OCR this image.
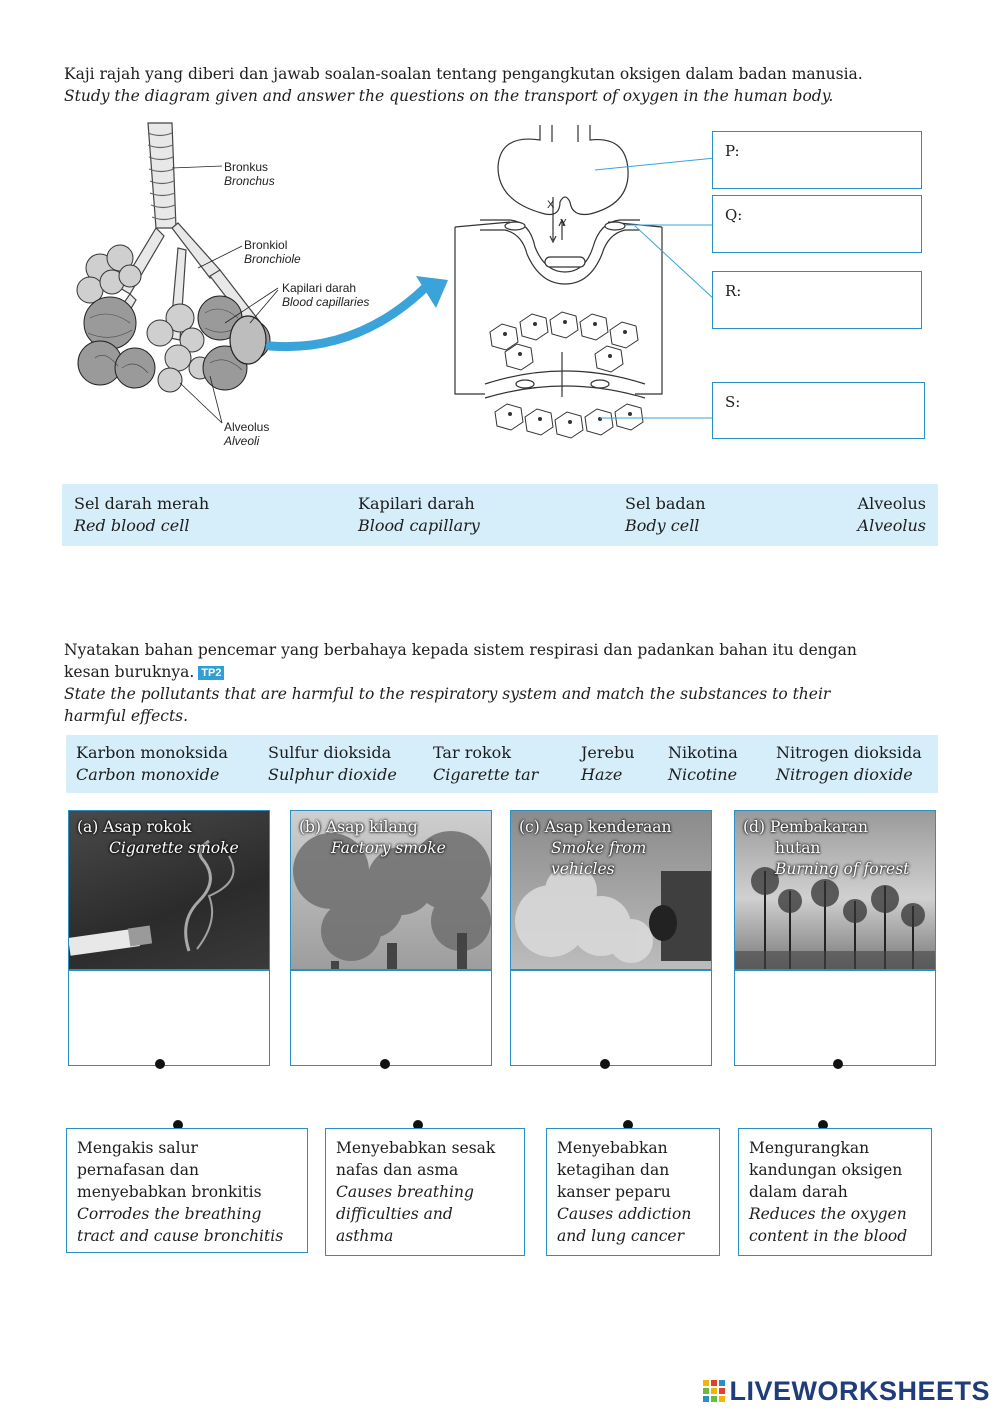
Kaji rajah yang diberi dan jawab soalan-soalan tentang pengangkutan oksigen dalam badan manusia.
Study the diagram given and answer the questions on the transport of oxygen in the human body.
Bronkus
Bronchus
Bronkiol
Bronchiole
Kapilari darah
Blood capillaries
Alveolus
Alveoli
X
Y
P:
Q:
R:
S:
Sel darah merah
Red blood cell
Kapilari darah
Blood capillary
Sel badan
Body cell
Alveolus
Alveolus
Nyatakan bahan pencemar yang berbahaya kepada sistem respirasi dan padankan bahan itu dengan
kesan buruknya. TP2
State the pollutants that are harmful to the respiratory system and match the substances to their
harmful effects.
Karbon monoksida
Carbon monoxide
Sulfur dioksida
Sulphur dioxide
Tar rokok
Cigarette tar
Jerebu
Haze
Nikotina
Nicotine
Nitrogen dioksida
Nitrogen dioxide
(a) Asap rokok
Cigarette smoke
(b) Asap kilang
Factory smoke
(c) Asap kenderaan
Smoke from
vehicles
(d) Pembakaran
hutan
Burning of forest
Mengakis salur
pernafasan dan
menyebabkan bronkitis
Corrodes the breathing
tract and cause bronchitis
Menyebabkan sesak
nafas dan asma
Causes breathing
difficulties and
asthma
Menyebabkan
ketagihan dan
kanser peparu
Causes addiction
and lung cancer
Mengurangkan
kandungan oksigen
dalam darah
Reduces the oxygen
content in the blood
LIVEWORKSHEETS
